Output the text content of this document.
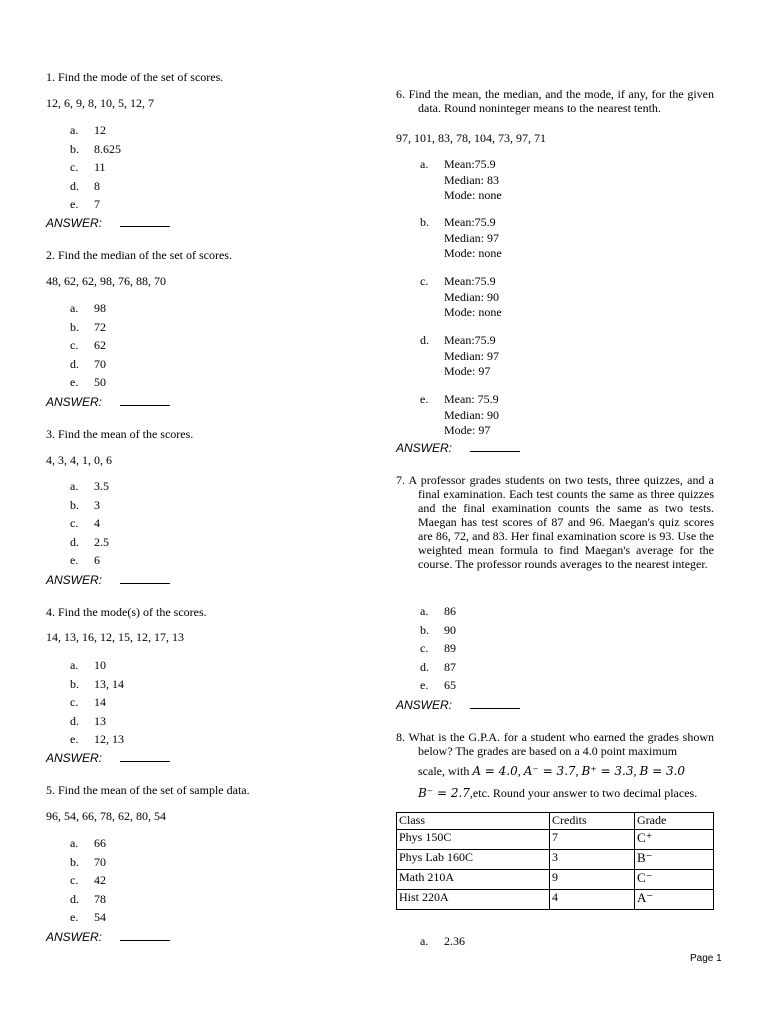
1. Find the mode of the set of scores.

12, 6, 9, 8, 10, 5, 12, 7
a. 12
b. 8.625
c. 11
d. 8
e. 7
ANSWER:

2. Find the median of the set of scores.

48, 62, 62, 98, 76, 88, 70
a. 98
b. 72
c. 62
d. 70
e. 50
ANSWER:

3. Find the mean of the scores.

4, 3, 4, 1, 0, 6
a. 3.5
b. 3
c. 4
d. 2.5
e. 6
ANSWER:

4. Find the mode(s) of the scores.

14, 13, 16, 12, 15, 12, 17, 13
a. 10
b. 13, 14
c. 14
d. 13
e. 12, 13
ANSWER:

5. Find the mean of the set of sample data.

96, 54, 66, 78, 62, 80, 54
a. 66
b. 70
c. 42
d. 78
e. 54
ANSWER:

6. Find the mean, the median, and the mode, if any, for the given data. Round noninteger means to the nearest tenth.

97, 101, 83, 78, 104, 73, 97, 71
a.	Mean:75.9
Median: 83
Mode: none
b.	Mean:75.9
Median: 97
Mode: none
c.	Mean:75.9
Median: 90
Mode: none
d.	Mean:75.9
Median: 97
Mode: 97
e.	Mean: 75.9
Median: 90
Mode: 97
ANSWER:

7. A professor grades students on two tests, three quizzes, and a final examination. Each test counts the same as three quizzes and the final examination counts the same as two tests. Maegan has test scores of 87 and 96. Maegan's quiz scores are 86, 72, and 83. Her final examination score is 93. Use the weighted mean formula to find Maegan's average for the course. The professor rounds averages to the nearest integer.

a. 86
b. 90
c. 89
d. 87
e. 65
ANSWER:

8. What is the G.P.A. for a student who earned the grades shown below? The grades are based on a 4.0 point maximum

scale, with A = 4.0, A⁻ = 3.7, B⁺ = 3.3, B = 3.0
B⁻ = 2.7,etc. Round your answer to two decimal places.
Class	Credits	Grade
Phys 150C	7	C⁺
Phys Lab 160C	3	B⁻
Math 210A	9	C⁻
Hist 220A	4	A⁻
a. 2.36
Page 1
